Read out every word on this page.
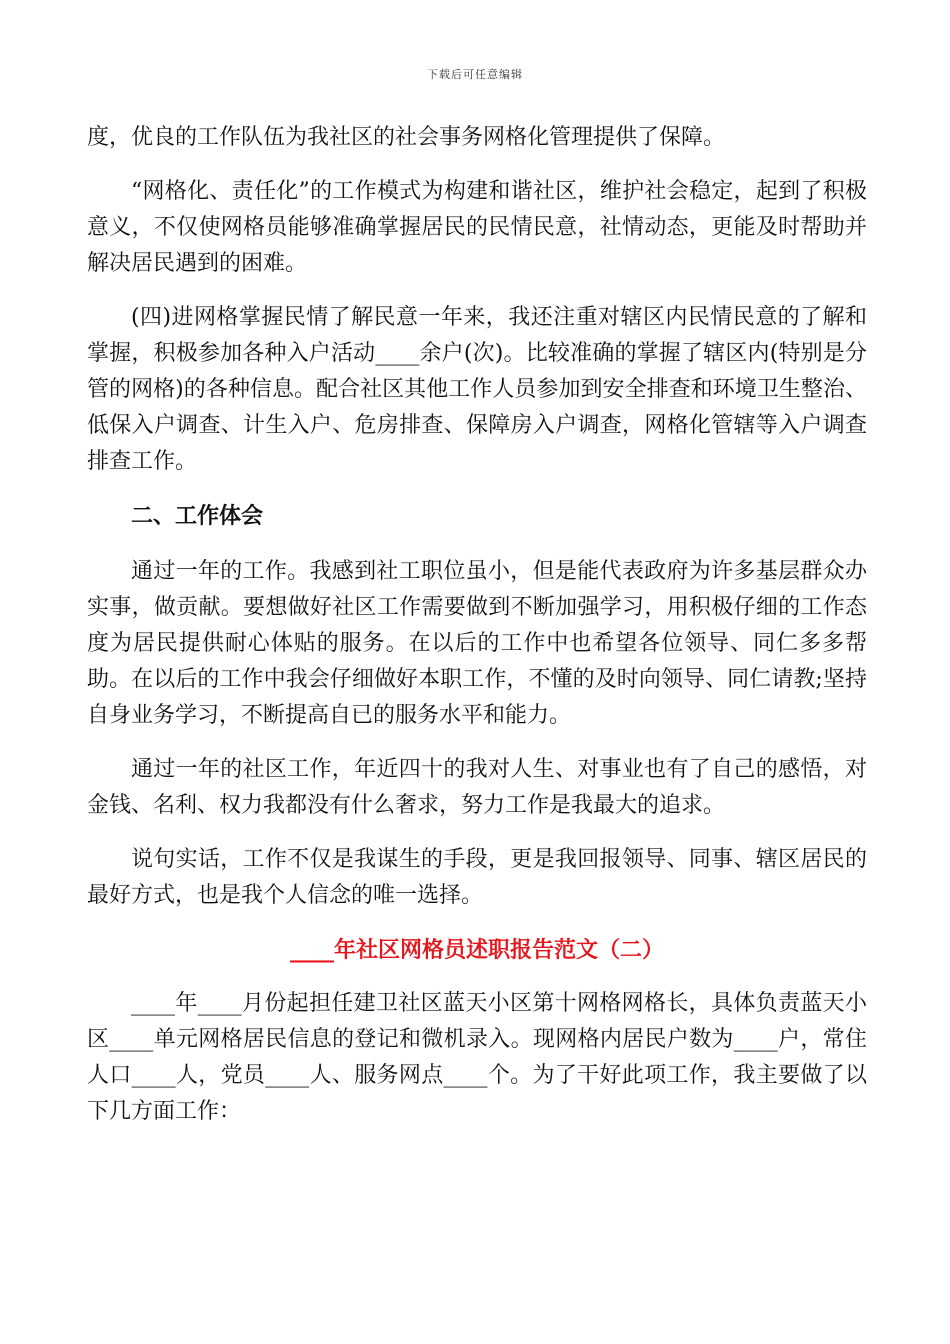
下载后可任意编辑

度，优良的工作队伍为我社区的社会事务网格化管理提供了保障。

“网格化、责任化”的工作模式为构建和谐社区，维护社会稳定，起到了积极意义，不仅使网格员能够准确掌握居民的民情民意，社情动态，更能及时帮助并解决居民遇到的困难。

(四)进网格掌握民情了解民意一年来，我还注重对辖区内民情民意的了解和掌握，积极参加各种入户活动____余户(次)。比较准确的掌握了辖区内(特别是分管的网格)的各种信息。配合社区其他工作人员参加到安全排查和环境卫生整治、低保入户调查、计生入户、危房排查、保障房入户调查，网格化管辖等入户调查排查工作。

二、工作体会

通过一年的工作。我感到社工职位虽小，但是能代表政府为许多基层群众办实事，做贡献。要想做好社区工作需要做到不断加强学习，用积极仔细的工作态度为居民提供耐心体贴的服务。在以后的工作中也希望各位领导、同仁多多帮助。在以后的工作中我会仔细做好本职工作，不懂的及时向领导、同仁请教;坚持自身业务学习，不断提高自已的服务水平和能力。

通过一年的社区工作，年近四十的我对人生、对事业也有了自己的感悟，对金钱、名利、权力我都没有什么奢求，努力工作是我最大的追求。

说句实话，工作不仅是我谋生的手段，更是我回报领导、同事、辖区居民的最好方式，也是我个人信念的唯一选择。

____年社区网格员述职报告范文（二）

____年____月份起担任建卫社区蓝天小区第十网格网格长，具体负责蓝天小区____单元网格居民信息的登记和微机录入。现网格内居民户数为____户，常住人口____人，党员____人、服务网点____个。为了干好此项工作，我主要做了以下几方面工作：
